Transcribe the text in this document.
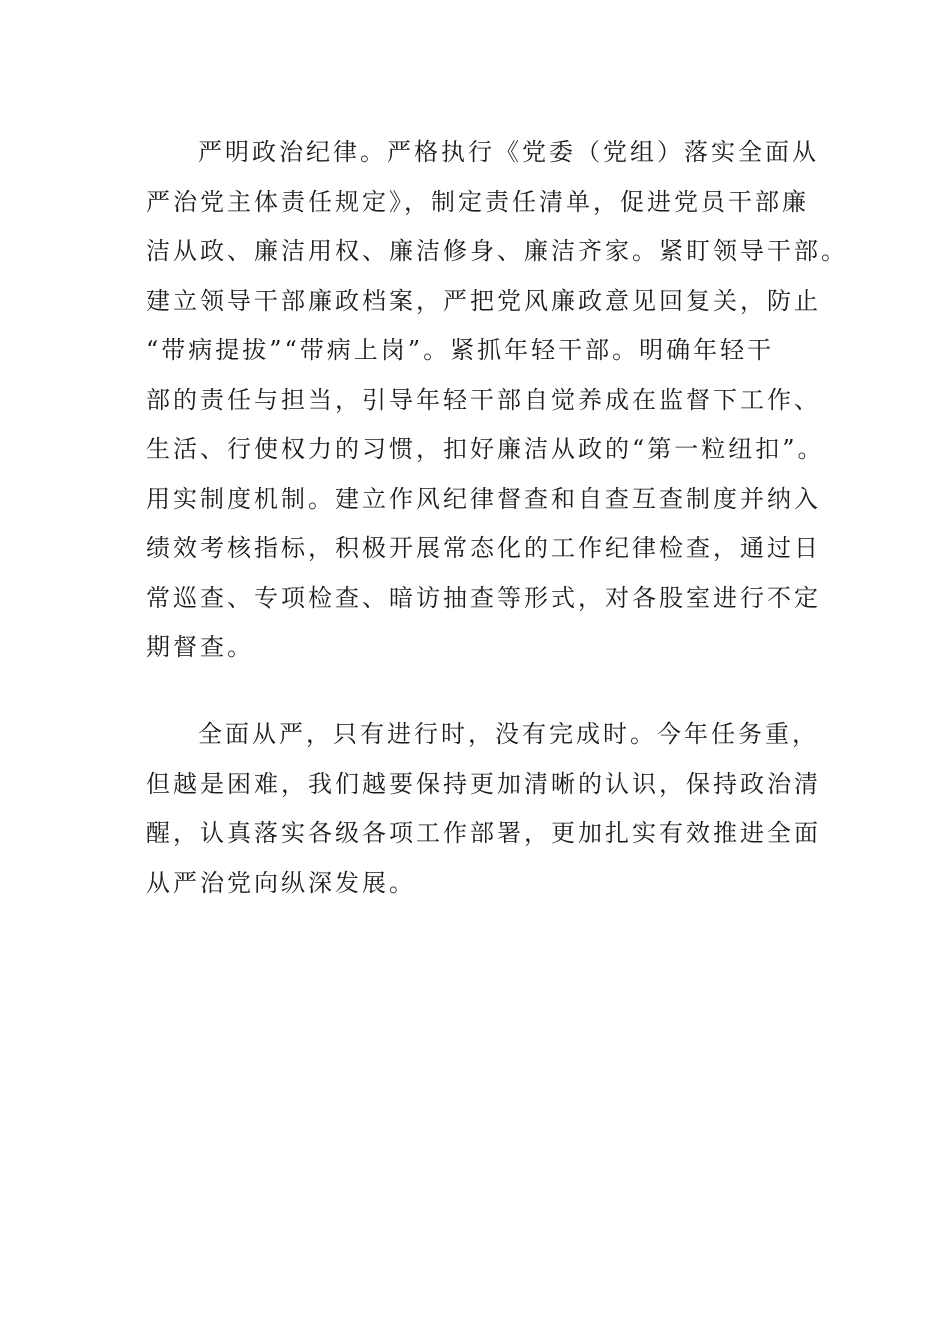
严明政治纪律。严格执行《党委（党组）落实全面从
严治党主体责任规定》，制定责任清单，促进党员干部廉
洁从政、廉洁用权、廉洁修身、廉洁齐家。紧盯领导干部。
建立领导干部廉政档案，严把党风廉政意见回复关，防止
“带病提拔”“带病上岗”。紧抓年轻干部。明确年轻干
部的责任与担当，引导年轻干部自觉养成在监督下工作、
生活、行使权力的习惯，扣好廉洁从政的“第一粒纽扣”。
用实制度机制。建立作风纪律督查和自查互查制度并纳入
绩效考核指标，积极开展常态化的工作纪律检查，通过日
常巡查、专项检查、暗访抽查等形式，对各股室进行不定
期督查。
全面从严，只有进行时，没有完成时。今年任务重，
但越是困难，我们越要保持更加清晰的认识，保持政治清
醒，认真落实各级各项工作部署，更加扎实有效推进全面
从严治党向纵深发展。
